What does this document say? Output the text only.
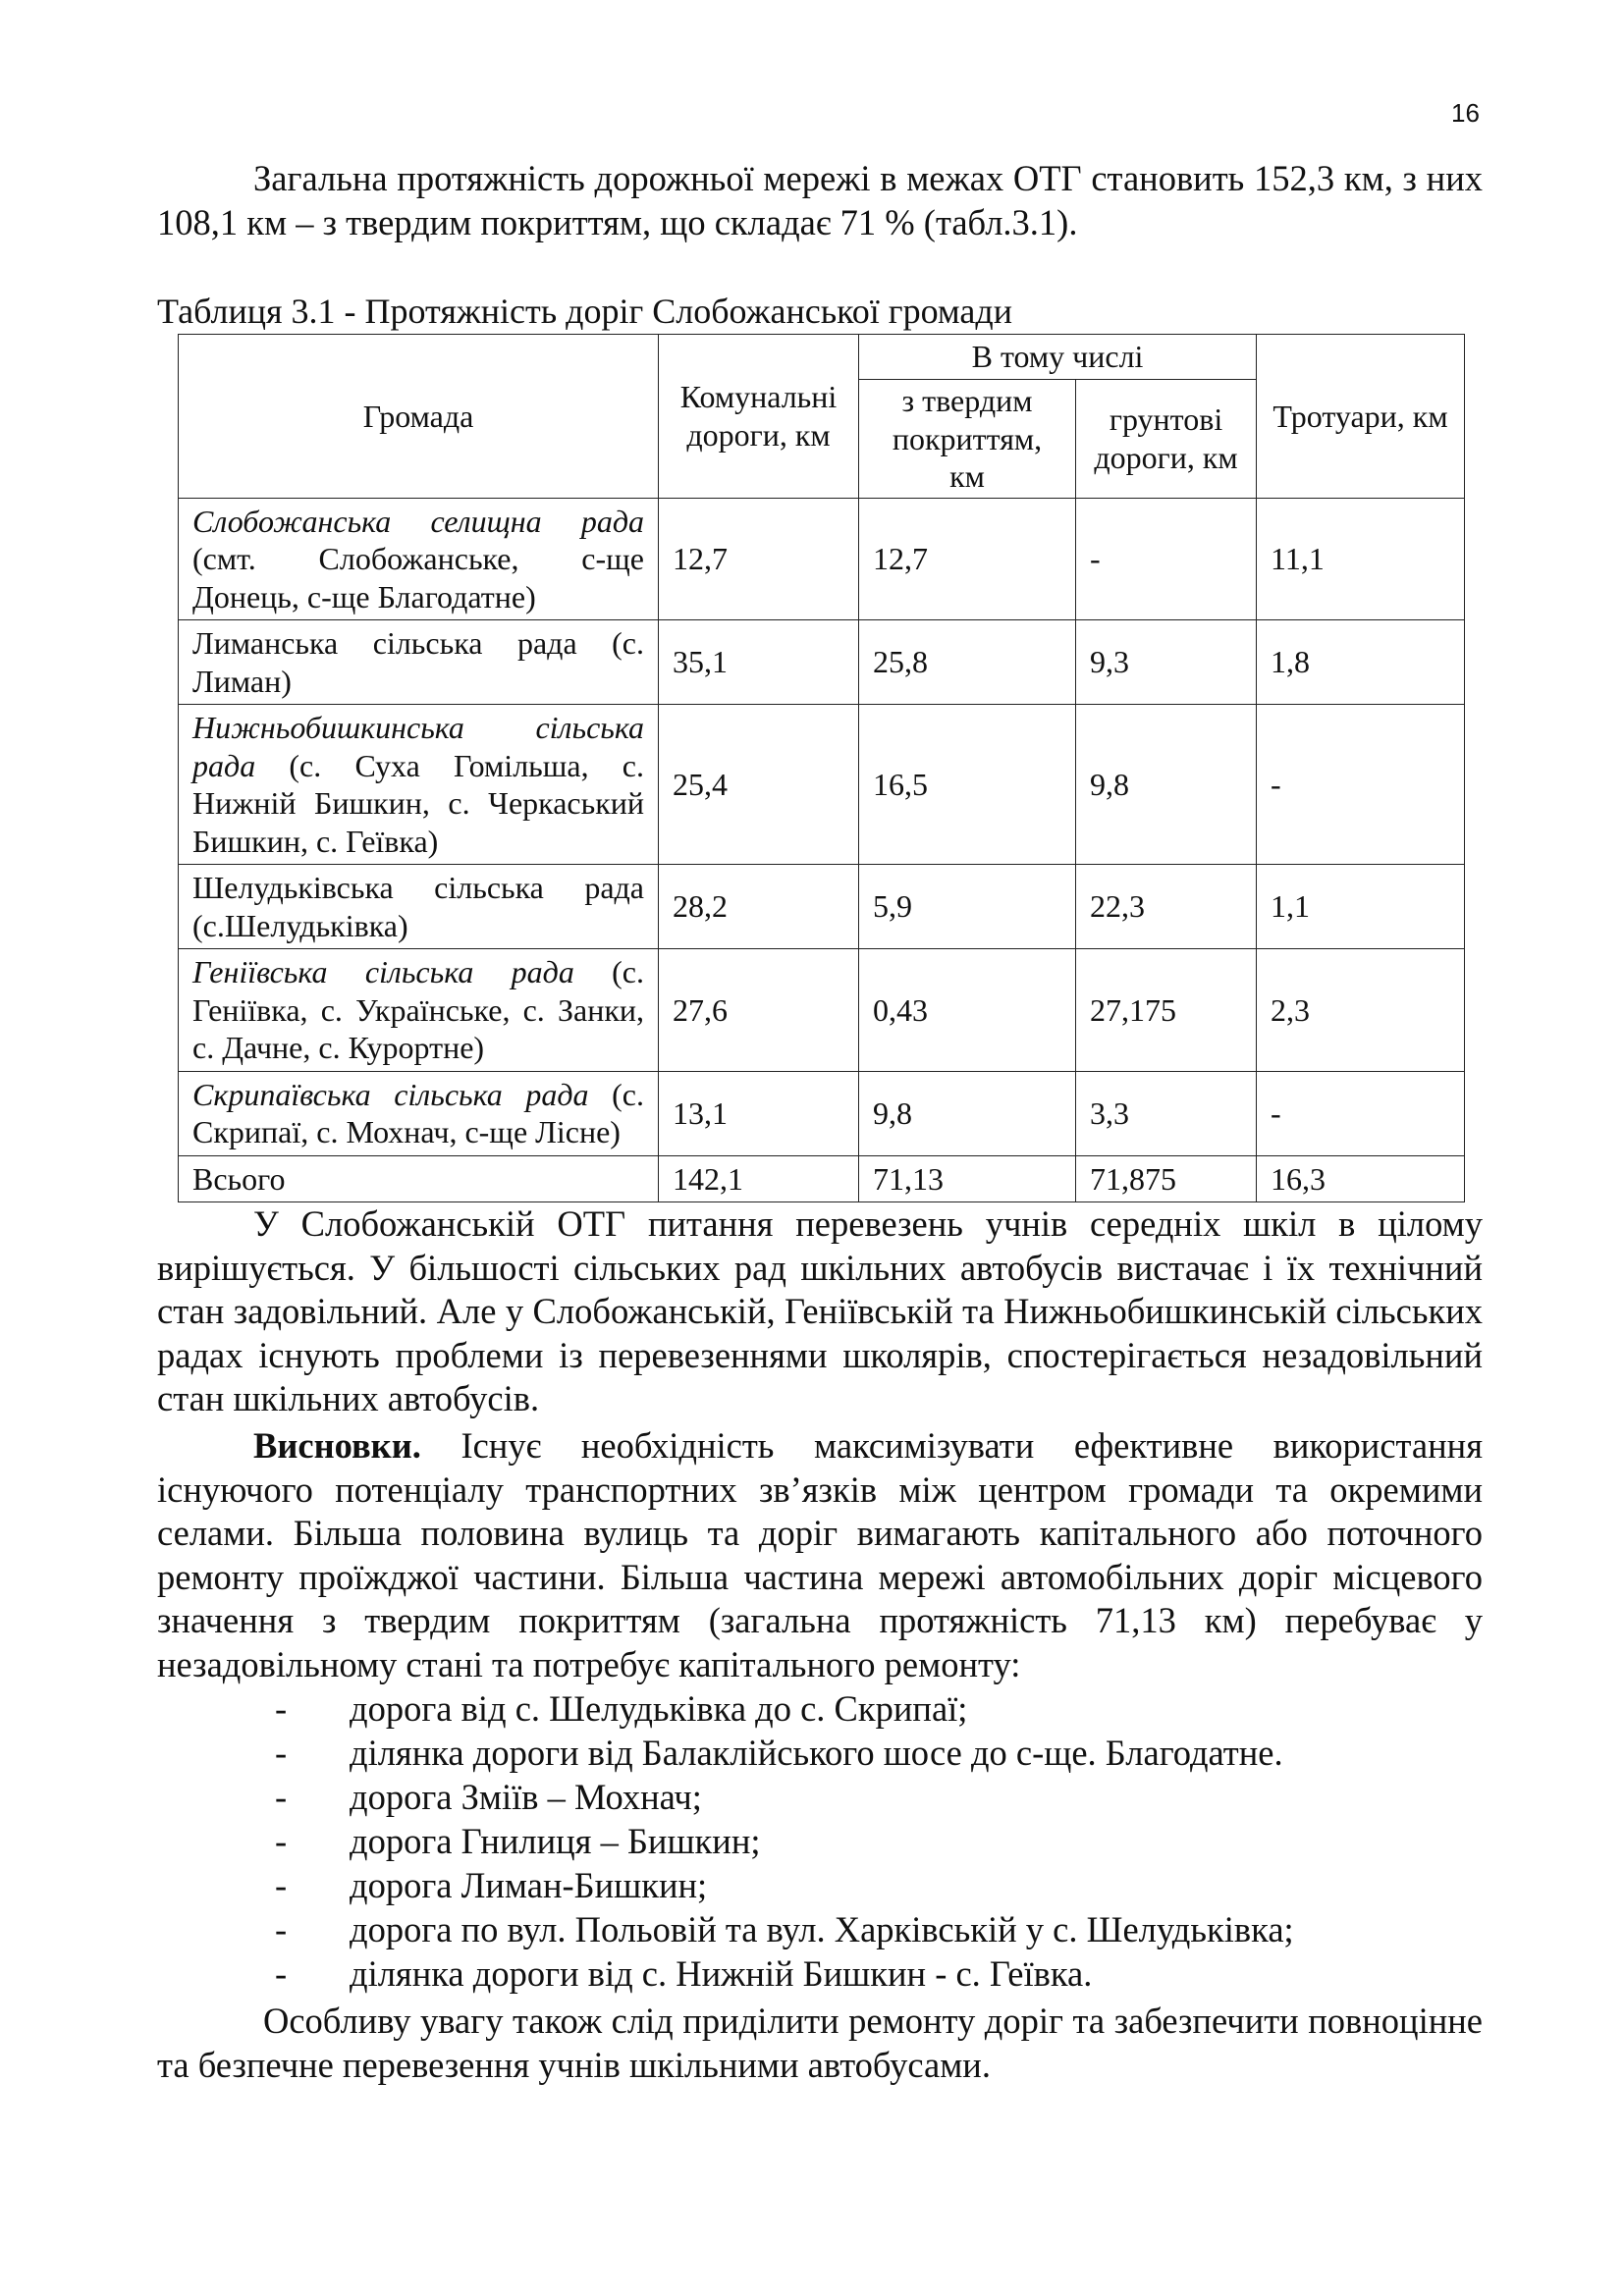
16

Загальна протяжність дорожньої мережі в межах ОТГ становить 152,3 км, з них 108,1 км – з твердим покриттям, що складає 71 % (табл.3.1).

Таблиця 3.1 - Протяжність доріг Слобожанської громади
Громада	Комунальні дороги, км	В тому числі		Тротуари, км
		з твердим покриттям, км	грунтові дороги, км	
Слобожанська селищна рада (смт. Слобожанське, с-ще Донець, с-ще Благодатне)	12,7	12,7	-	11,1
Лиманська сільська рада (с. Лиман)	35,1	25,8	9,3	1,8
Нижньобишкинська сільська рада (с. Суха Гомільша, с. Нижній Бишкин, с. Черкаський Бишкин, с. Геївка)	25,4	16,5	9,8	-
Шелудьківська сільська рада (с.Шелудьківка)	28,2	5,9	22,3	1,1
Геніївська сільська рада (с. Геніївка, с. Українське, с. Занки, с. Дачне, с. Курортне)	27,6	0,43	27,175	2,3
Скрипаївська сільська рада (с. Скрипаї, с. Мохнач, с-ще Лісне)	13,1	9,8	3,3	-
Всього	142,1	71,13	71,875	16,3

У Слобожанській ОТГ питання перевезень учнів середніх шкіл в цілому вирішується. У більшості сільських рад шкільних автобусів вистачає і їх технічний стан задовільний. Але у Слобожанській, Геніївській та Нижньобишкинській сільських радах існують проблеми із перевезеннями школярів, спостерігається незадовільний стан шкільних автобусів.

Висновки. Існує необхідність максимізувати ефективне використання існуючого потенціалу транспортних зв’язків між центром громади та окремими селами. Більша половина вулиць та доріг вимагають капітального або поточного ремонту проїжджої частини. Більша частина мережі автомобільних доріг місцевого значення з твердим покриттям (загальна протяжність 71,13 км) перебуває у незадовільному стані та потребує капітального ремонту:

- дорога від с. Шелудьківка до с. Скрипаї;
- ділянка дороги від Балаклійського шосе до с-ще. Благодатне.
- дорога Зміїв – Мохнач;
- дорога Гнилиця – Бишкин;
- дорога Лиман-Бишкин;
- дорога по вул. Польовій та вул. Харківській у с. Шелудьківка;
- ділянка дороги від с. Нижній Бишкин - с. Геївка.

Особливу увагу також слід приділити ремонту доріг та забезпечити повноцінне та безпечне перевезення учнів шкільними автобусами.
